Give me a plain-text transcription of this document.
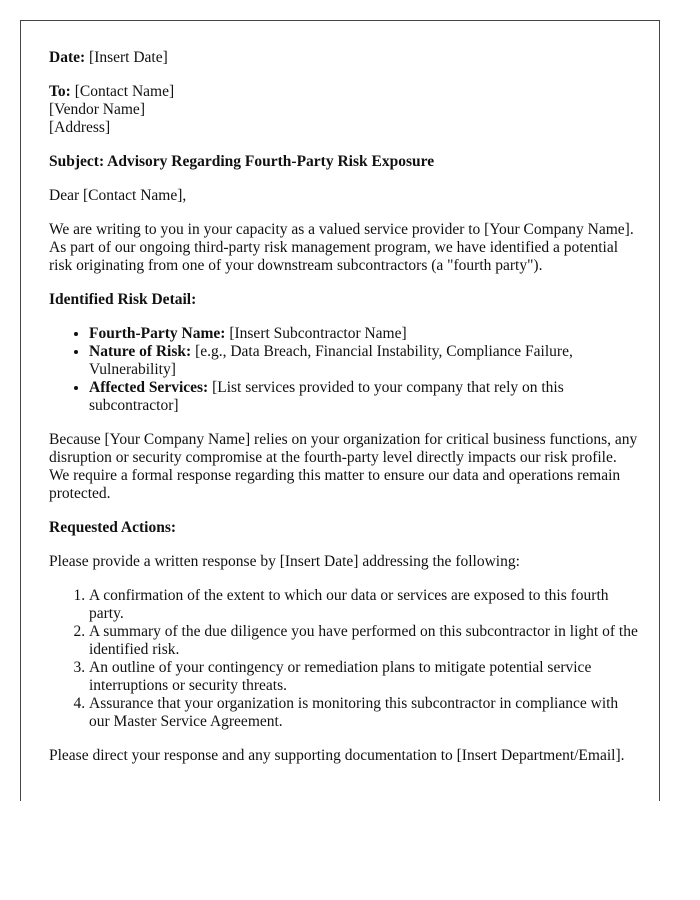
Date: [Insert Date]

To: [Contact Name]
[Vendor Name]
[Address]

Subject: Advisory Regarding Fourth-Party Risk Exposure

Dear [Contact Name],

We are writing to you in your capacity as a valued service provider to [Your Company Name]. As part of our ongoing third-party risk management program, we have identified a potential risk originating from one of your downstream subcontractors (a "fourth party").

Identified Risk Detail:

• Fourth-Party Name: [Insert Subcontractor Name]
• Nature of Risk: [e.g., Data Breach, Financial Instability, Compliance Failure, Vulnerability]
• Affected Services: [List services provided to your company that rely on this subcontractor]

Because [Your Company Name] relies on your organization for critical business functions, any disruption or security compromise at the fourth-party level directly impacts our risk profile. We require a formal response regarding this matter to ensure our data and operations remain protected.

Requested Actions:

Please provide a written response by [Insert Date] addressing the following:

1. A confirmation of the extent to which our data or services are exposed to this fourth party.
2. A summary of the due diligence you have performed on this subcontractor in light of the identified risk.
3. An outline of your contingency or remediation plans to mitigate potential service interruptions or security threats.
4. Assurance that your organization is monitoring this subcontractor in compliance with our Master Service Agreement.

Please direct your response and any supporting documentation to [Insert Department/Email].
